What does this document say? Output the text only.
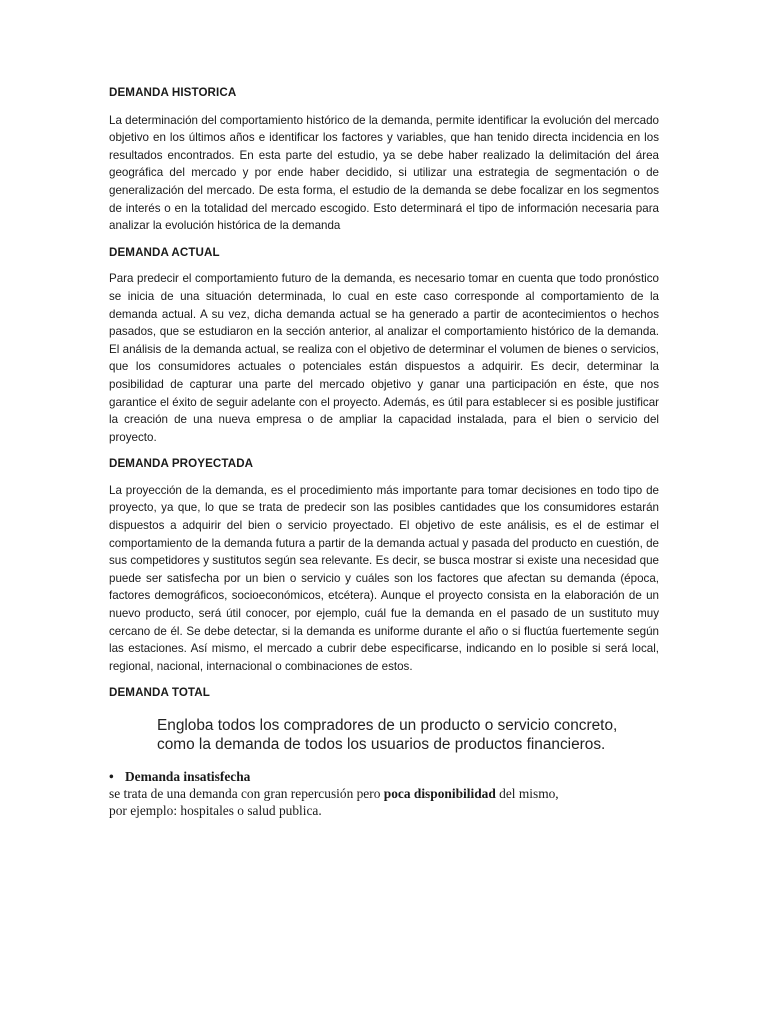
DEMANDA HISTORICA

La determinación del comportamiento histórico de la demanda, permite identificar la evolución del mercado objetivo en los últimos años e identificar los factores y variables, que han tenido directa incidencia en los resultados encontrados. En esta parte del estudio, ya se debe haber realizado la delimitación del área geográfica del mercado y por ende haber decidido, si utilizar una estrategia de segmentación o de generalización del mercado. De esta forma, el estudio de la demanda se debe focalizar en los segmentos de interés o en la totalidad del mercado escogido. Esto determinará el tipo de información necesaria para analizar la evolución histórica de la demanda

DEMANDA ACTUAL

Para predecir el comportamiento futuro de la demanda, es necesario tomar en cuenta que todo pronóstico se inicia de una situación determinada, lo cual en este caso corresponde al comportamiento de la demanda actual. A su vez, dicha demanda actual se ha generado a partir de acontecimientos o hechos pasados, que se estudiaron en la sección anterior, al analizar el comportamiento histórico de la demanda. El análisis de la demanda actual, se realiza con el objetivo de determinar el volumen de bienes o servicios, que los consumidores actuales o potenciales están dispuestos a adquirir. Es decir, determinar la posibilidad de capturar una parte del mercado objetivo y ganar una participación en éste, que nos garantice el éxito de seguir adelante con el proyecto. Además, es útil para establecer si es posible justificar la creación de una nueva empresa o de ampliar la capacidad instalada, para el bien o servicio del proyecto.

DEMANDA PROYECTADA

La proyección de la demanda, es el procedimiento más importante para tomar decisiones en todo tipo de proyecto, ya que, lo que se trata de predecir son las posibles cantidades que los consumidores estarán dispuestos a adquirir del bien o servicio proyectado. El objetivo de este análisis, es el de estimar el comportamiento de la demanda futura a partir de la demanda actual y pasada del producto en cuestión, de sus competidores y sustitutos según sea relevante. Es decir, se busca mostrar si existe una necesidad que puede ser satisfecha por un bien o servicio y cuáles son los factores que afectan su demanda (época, factores demográficos, socioeconómicos, etcétera). Aunque el proyecto consista en la elaboración de un nuevo producto, será útil conocer, por ejemplo, cuál fue la demanda en el pasado de un sustituto muy cercano de él. Se debe detectar, si la demanda es uniforme durante el año o si fluctúa fuertemente según las estaciones. Así mismo, el mercado a cubrir debe especificarse, indicando en lo posible si será local, regional, nacional, internacional o combinaciones de estos.

DEMANDA TOTAL
Engloba todos los compradores de un producto o servicio concreto,
como la demanda de todos los usuarios de productos financieros.
• Demanda insatisfecha

se trata de una demanda con gran repercusión pero poca disponibilidad del mismo,

por ejemplo: hospitales o salud publica.
